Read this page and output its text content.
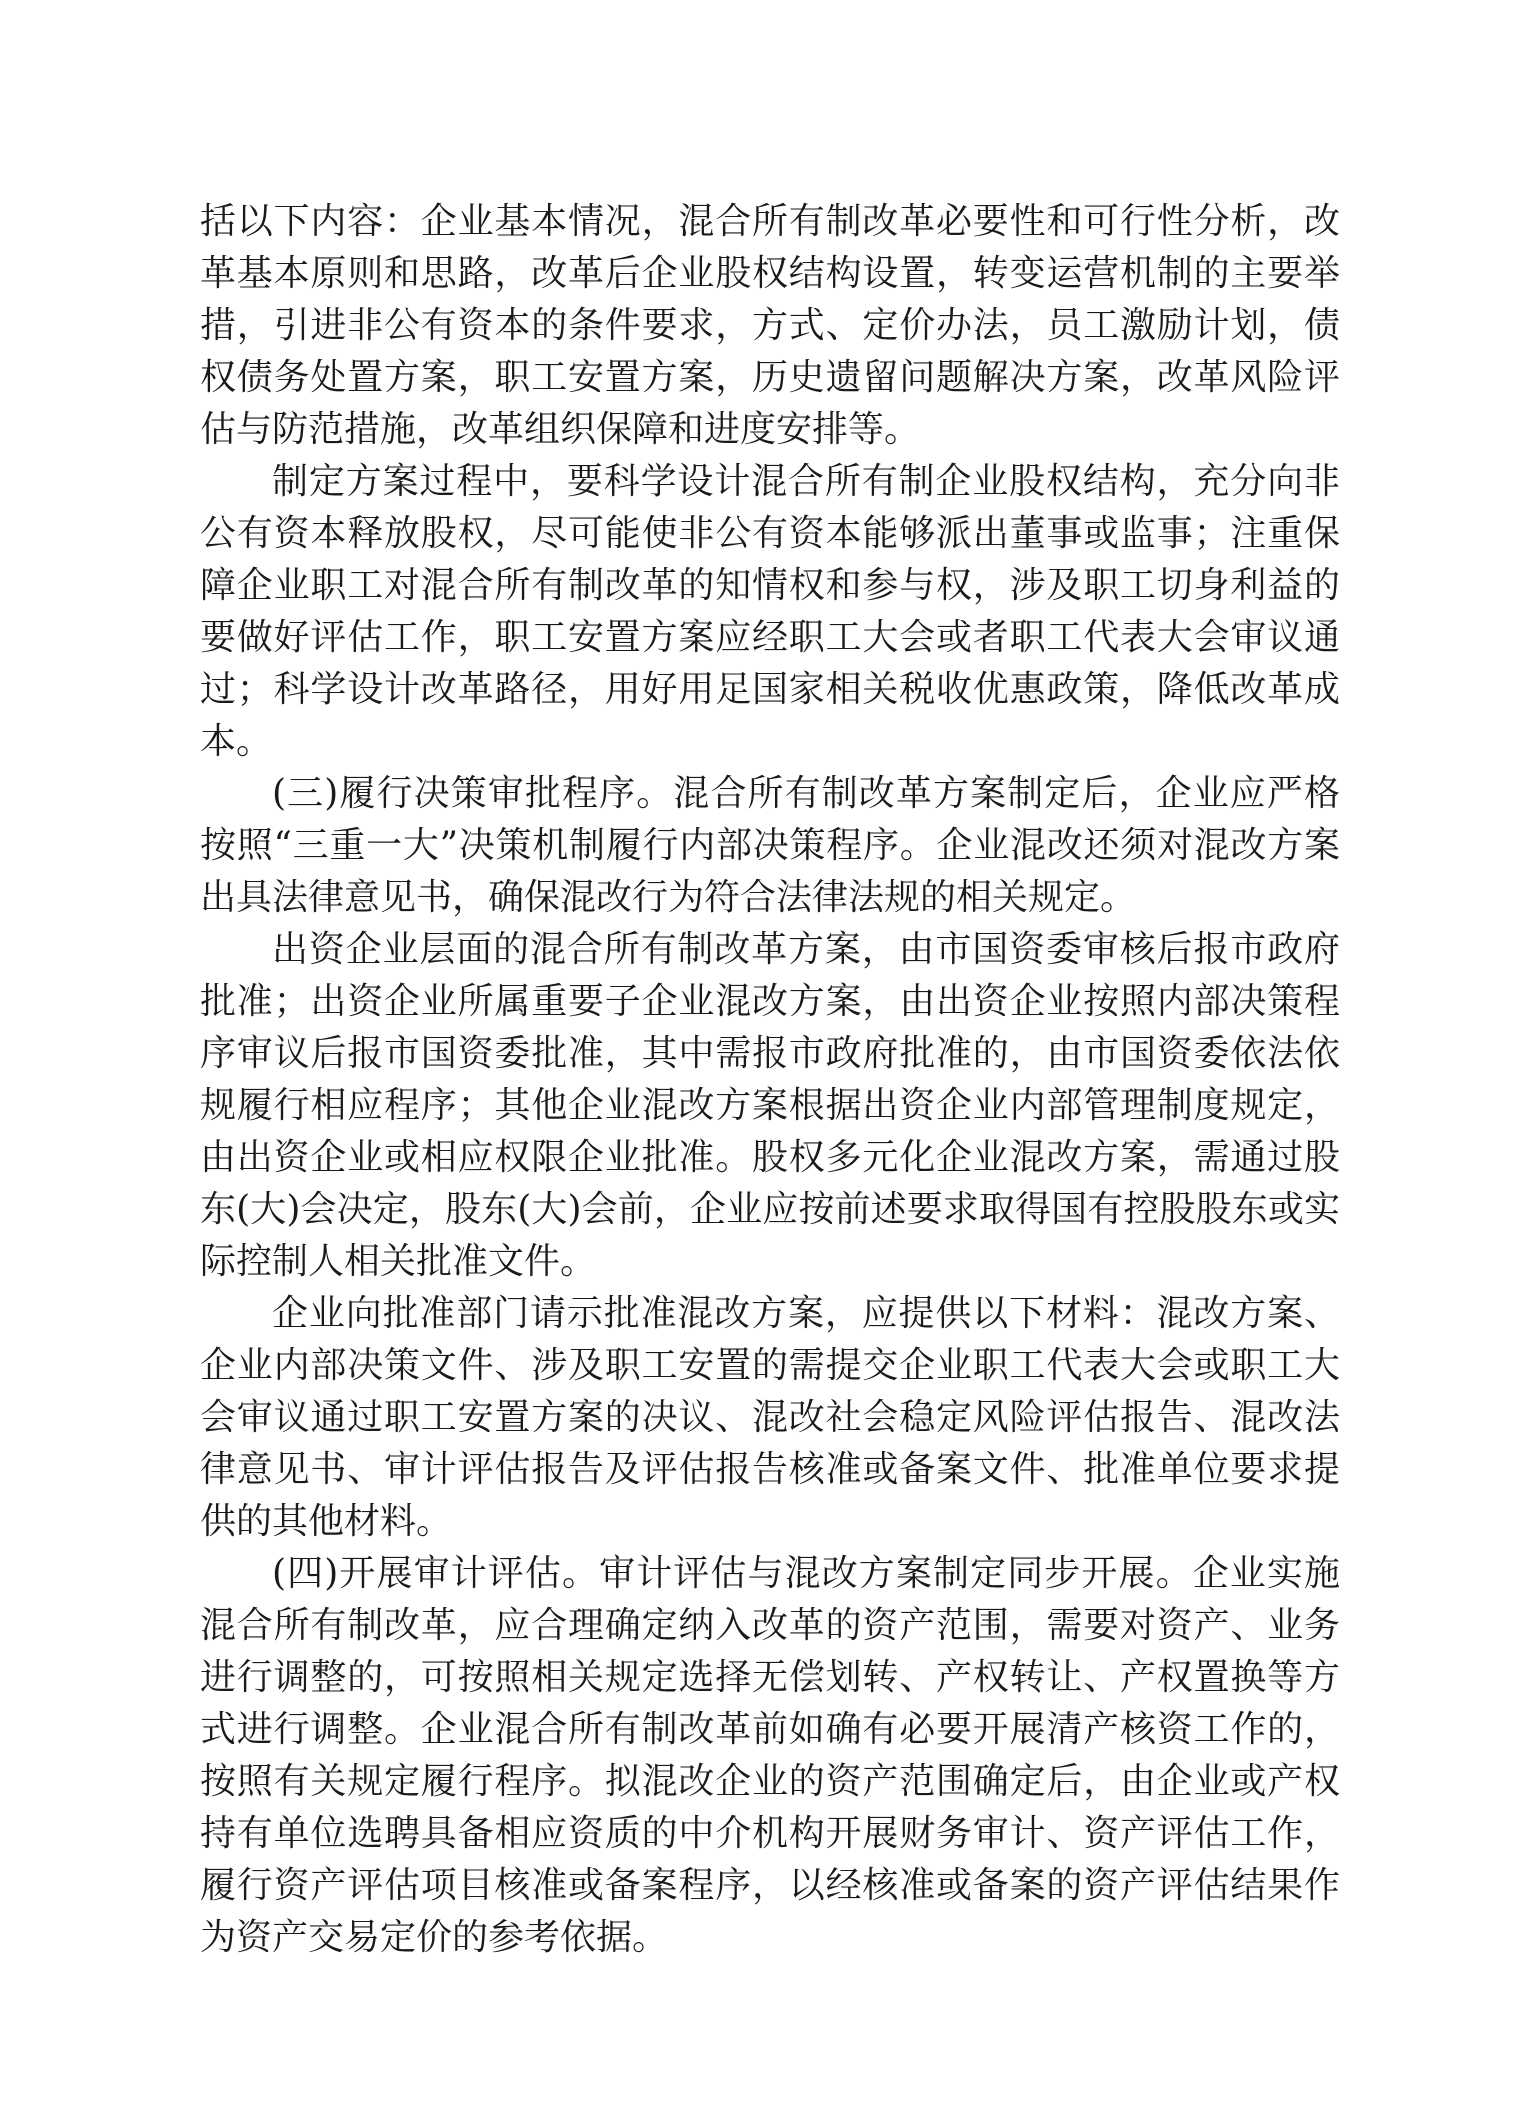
括以下内容：企业基本情况，混合所有制改革必要性和可行性分析，改革基本原则和思路，改革后企业股权结构设置，转变运营机制的主要举措，引进非公有资本的条件要求，方式、定价办法，员工激励计划，债权债务处置方案，职工安置方案，历史遗留问题解决方案，改革风险评估与防范措施，改革组织保障和进度安排等。

制定方案过程中，要科学设计混合所有制企业股权结构，充分向非公有资本释放股权，尽可能使非公有资本能够派出董事或监事；注重保障企业职工对混合所有制改革的知情权和参与权，涉及职工切身利益的要做好评估工作，职工安置方案应经职工大会或者职工代表大会审议通过；科学设计改革路径，用好用足国家相关税收优惠政策，降低改革成本。

(三)履行决策审批程序。混合所有制改革方案制定后，企业应严格按照“三重一大”决策机制履行内部决策程序。企业混改还须对混改方案出具法律意见书，确保混改行为符合法律法规的相关规定。

出资企业层面的混合所有制改革方案，由市国资委审核后报市政府批准；出资企业所属重要子企业混改方案，由出资企业按照内部决策程序审议后报市国资委批准，其中需报市政府批准的，由市国资委依法依规履行相应程序；其他企业混改方案根据出资企业内部管理制度规定，由出资企业或相应权限企业批准。股权多元化企业混改方案，需通过股东(大)会决定，股东(大)会前，企业应按前述要求取得国有控股股东或实际控制人相关批准文件。

企业向批准部门请示批准混改方案，应提供以下材料：混改方案、企业内部决策文件、涉及职工安置的需提交企业职工代表大会或职工大会审议通过职工安置方案的决议、混改社会稳定风险评估报告、混改法律意见书、审计评估报告及评估报告核准或备案文件、批准单位要求提供的其他材料。

(四)开展审计评估。审计评估与混改方案制定同步开展。企业实施混合所有制改革，应合理确定纳入改革的资产范围，需要对资产、业务进行调整的，可按照相关规定选择无偿划转、产权转让、产权置换等方式进行调整。企业混合所有制改革前如确有必要开展清产核资工作的，按照有关规定履行程序。拟混改企业的资产范围确定后，由企业或产权持有单位选聘具备相应资质的中介机构开展财务审计、资产评估工作，履行资产评估项目核准或备案程序，以经核准或备案的资产评估结果作为资产交易定价的参考依据。
